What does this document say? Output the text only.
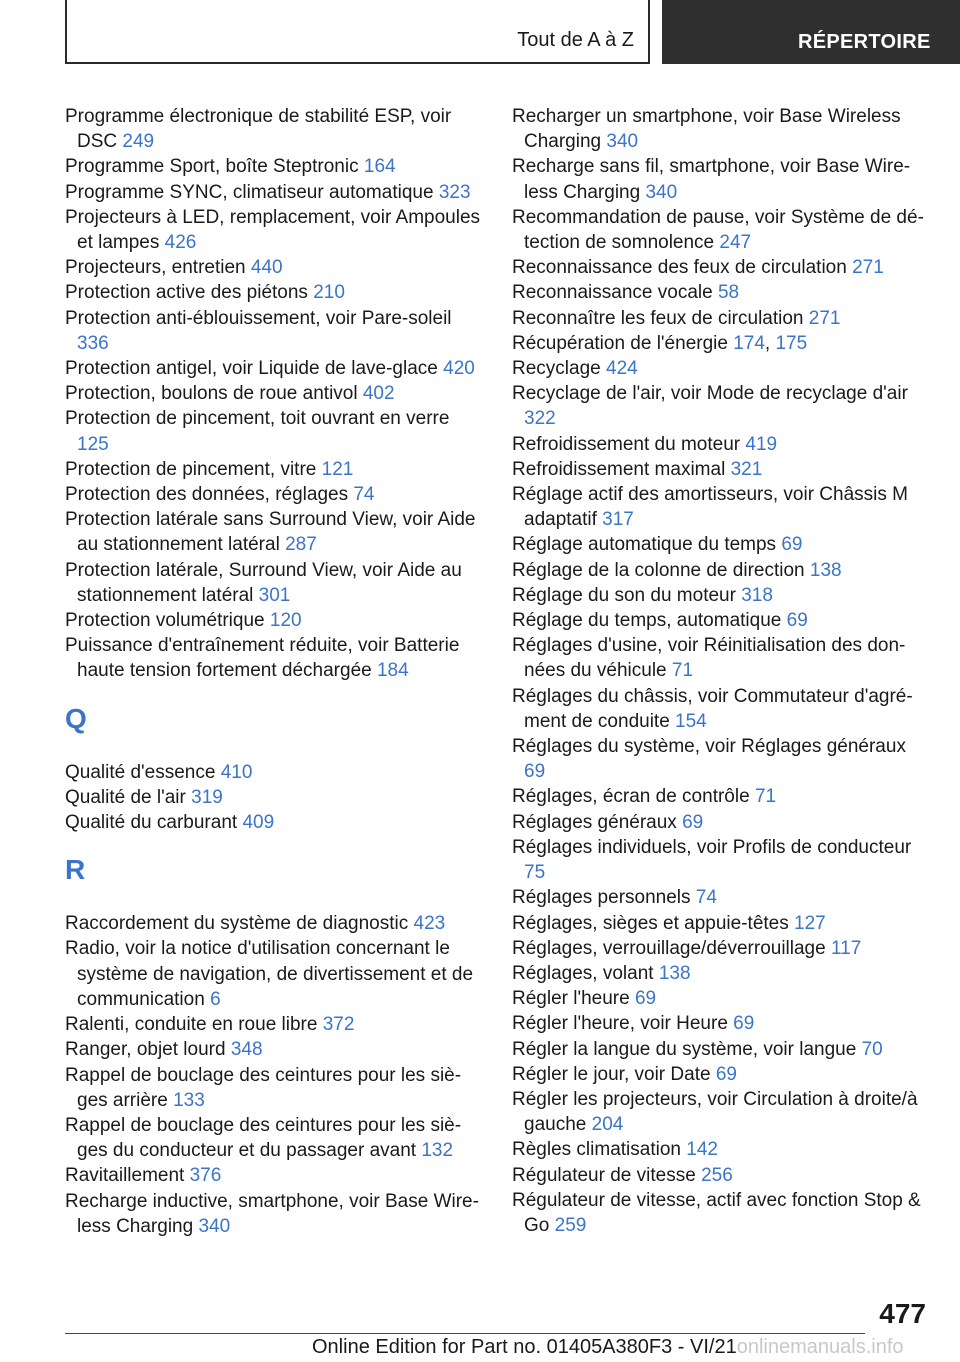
Tout de A à Z	RÉPERTOIRE
Programme électronique de stabilité ESP, voir DSC 249
Programme Sport, boîte Steptronic 164
Programme SYNC, climatiseur automatique 323
Projecteurs à LED, remplacement, voir Ampoules et lampes 426
Projecteurs, entretien 440
Protection active des piétons 210
Protection anti-éblouissement, voir Pare-soleil 336
Protection antigel, voir Liquide de lave-glace 420
Protection, boulons de roue antivol 402
Protection de pincement, toit ouvrant en verre 125
Protection de pincement, vitre 121
Protection des données, réglages 74
Protection latérale sans Surround View, voir Aide au stationnement latéral 287
Protection latérale, Surround View, voir Aide au stationnement latéral 301
Protection volumétrique 120
Puissance d'entraînement réduite, voir Batterie haute tension fortement déchargée 184
Q
Qualité d'essence 410
Qualité de l'air 319
Qualité du carburant 409
R
Raccordement du système de diagnostic 423
Radio, voir la notice d'utilisation concernant le système de navigation, de divertissement et de communication 6
Ralenti, conduite en roue libre 372
Ranger, objet lourd 348
Rappel de bouclage des ceintures pour les sièges arrière 133
Rappel de bouclage des ceintures pour les sièges du conducteur et du passager avant 132
Ravitaillement 376
Recharge inductive, smartphone, voir Base Wireless Charging 340
Recharger un smartphone, voir Base Wireless Charging 340
Recharge sans fil, smartphone, voir Base Wireless Charging 340
Recommandation de pause, voir Système de détection de somnolence 247
Reconnaissance des feux de circulation 271
Reconnaissance vocale 58
Reconnaître les feux de circulation 271
Récupération de l'énergie 174, 175
Recyclage 424
Recyclage de l'air, voir Mode de recyclage d'air 322
Refroidissement du moteur 419
Refroidissement maximal 321
Réglage actif des amortisseurs, voir Châssis M adaptatif 317
Réglage automatique du temps 69
Réglage de la colonne de direction 138
Réglage du son du moteur 318
Réglage du temps, automatique 69
Réglages d'usine, voir Réinitialisation des données du véhicule 71
Réglages du châssis, voir Commutateur d'agrément de conduite 154
Réglages du système, voir Réglages généraux 69
Réglages, écran de contrôle 71
Réglages généraux 69
Réglages individuels, voir Profils de conducteur 75
Réglages personnels 74
Réglages, sièges et appuie-têtes 127
Réglages, verrouillage/déverrouillage 117
Réglages, volant 138
Régler l'heure 69
Régler l'heure, voir Heure 69
Régler la langue du système, voir langue 70
Régler le jour, voir Date 69
Régler les projecteurs, voir Circulation à droite/à gauche 204
Règles climatisation 142
Régulateur de vitesse 256
Régulateur de vitesse, actif avec fonction Stop & Go 259
477
Online Edition for Part no. 01405A380F3 - VI/21onlinemanuals.info
